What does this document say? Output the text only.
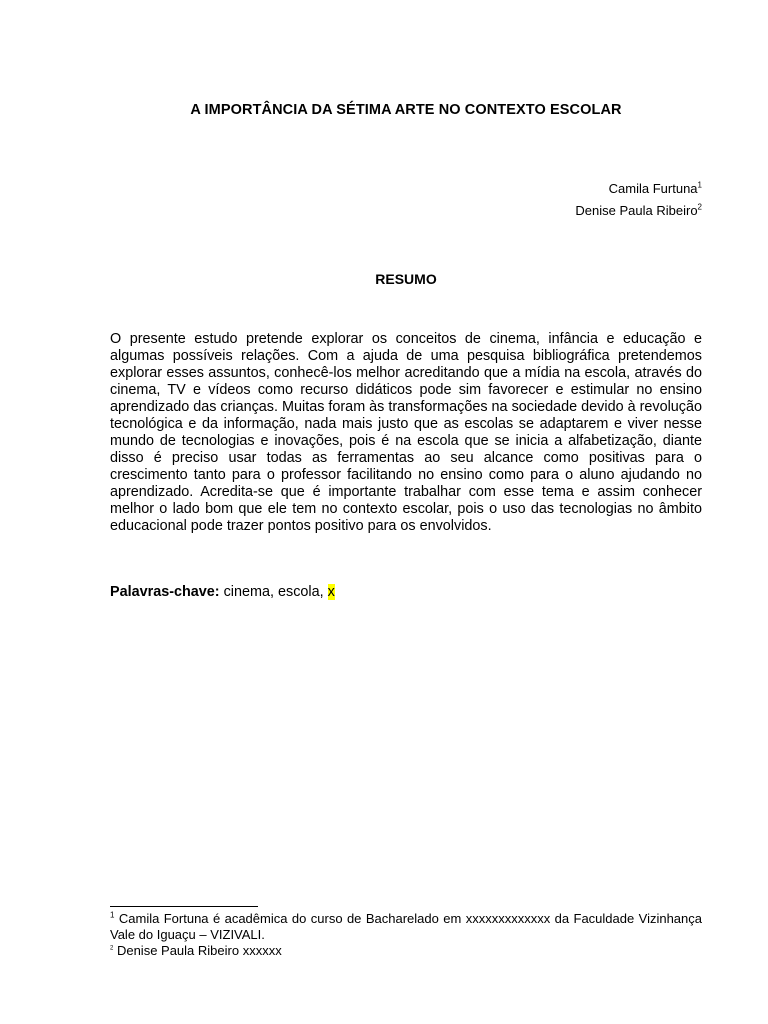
A IMPORTÂNCIA DA SÉTIMA ARTE NO CONTEXTO ESCOLAR
Camila Furtuna$^1$
Denise Paula Ribeiro$^2$
RESUMO

O presente estudo pretende explorar os conceitos de cinema, infância e educação e algumas possíveis relações. Com a ajuda de uma pesquisa bibliográfica pretendemos explorar esses assuntos, conhecê-los melhor acreditando que a mídia na escola, através do cinema, TV e vídeos como recurso didáticos pode sim favorecer e estimular no ensino aprendizado das crianças. Muitas foram às transformações na sociedade devido à revolução tecnológica e da informação, nada mais justo que as escolas se adaptarem e viver nesse mundo de tecnologias e inovações, pois é na escola que se inicia a alfabetização, diante disso é preciso usar todas as ferramentas ao seu alcance como positivas para o crescimento tanto para o professor facilitando no ensino como para o aluno ajudando no aprendizado. Acredita-se que é importante trabalhar com esse tema e assim conhecer melhor o lado bom que ele tem no contexto escolar, pois o uso das tecnologias no âmbito educacional pode trazer pontos positivo para os envolvidos.

Palavras-chave: cinema, escola, x

$^1$ Camila Fortuna é acadêmica do curso de Bacharelado em xxxxxxxxxxxxx da Faculdade Vizinhança Vale do Iguaçu – VIZIVALI.

$^2$ Denise Paula Ribeiro xxxxxx
